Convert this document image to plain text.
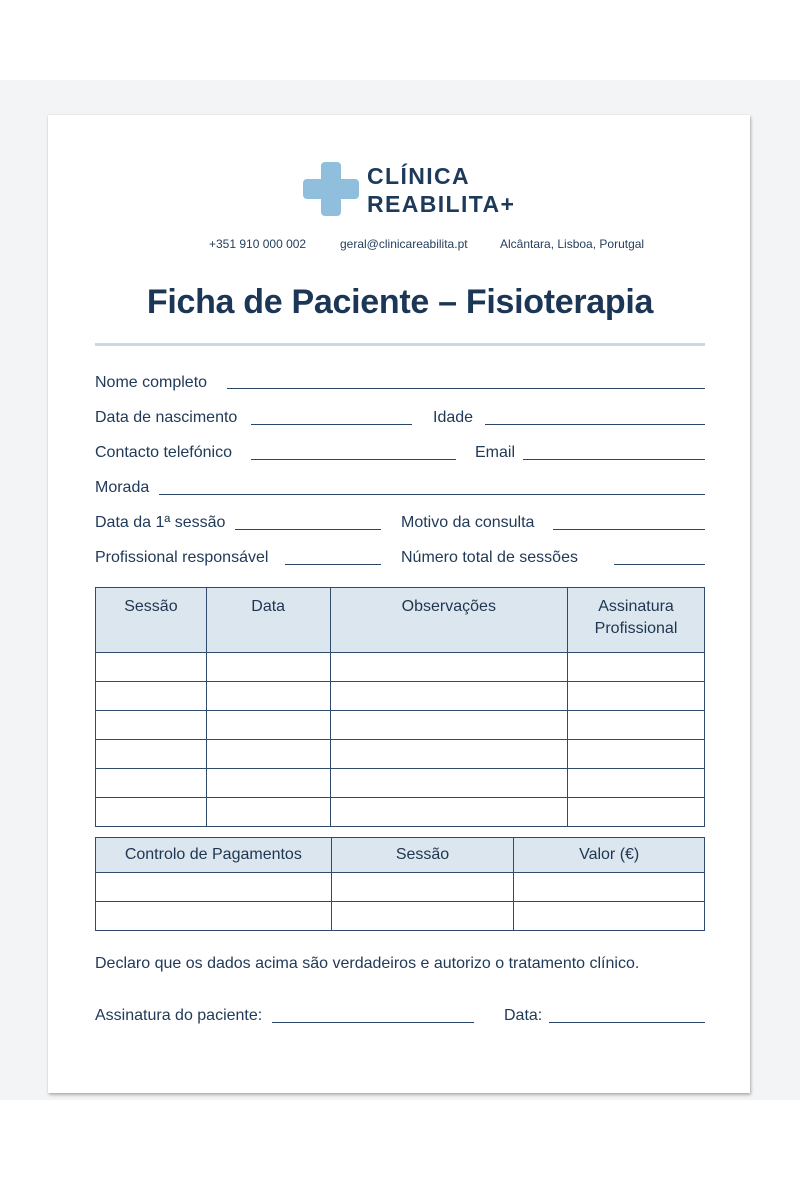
CLÍNICA
REABILITA+
+351 910 000 002	geral@clinicareabilita.pt	Alcântara, Lisboa, Porutgal
Ficha de Paciente – Fisioterapia
Nome completo
Data de nascimento	Idade
Contacto telefónico	Email
Morada
Data da 1ª sessão	Motivo da consulta
Profissional responsável	Número total de sessões
Sessão	Data	Observações	Assinatura Profissional

Controlo de Pagamentos	Sessão	Valor (€)

Declaro que os dados acima são verdadeiros e autorizo o tratamento clínico.
Assinatura do paciente:	Data:
